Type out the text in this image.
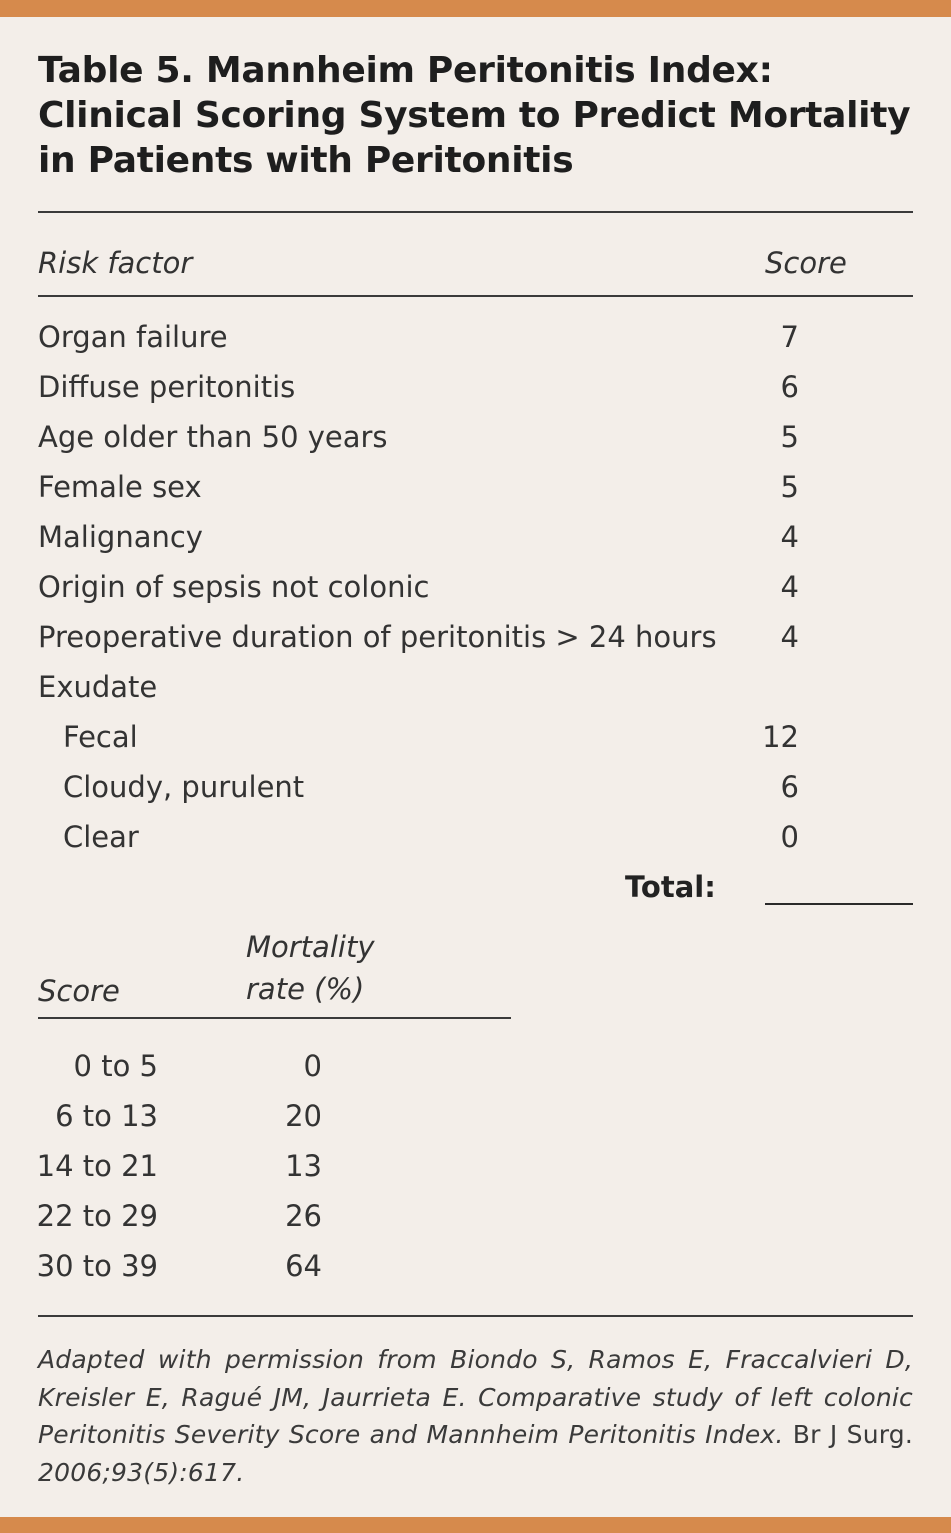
Table 5. Mannheim Peritonitis Index: Clinical Scoring System to Predict Mortality in Patients with Peritonitis
Risk factor	Score
Organ failure	7
Diffuse peritonitis	6
Age older than 50 years	5
Female sex	5
Malignancy	4
Origin of sepsis not colonic	4
Preoperative duration of peritonitis > 24 hours 4
Exudate
Fecal	12
Cloudy, purulent	6
Clear	0
Total:
Score
Mortality
rate (%)
0 to 5	0
6 to 13	20
14 to 21	13
22 to 29	26
30 to 39	64

Adapted with permission from Biondo S, Ramos E, Fraccalvieri D, Kreisler E, Ragué JM, Jaurrieta E. Comparative study of left colonic Peritonitis Severity Score and Mannheim Peritonitis Index. Br J Surg. 2006;93(5):617.
